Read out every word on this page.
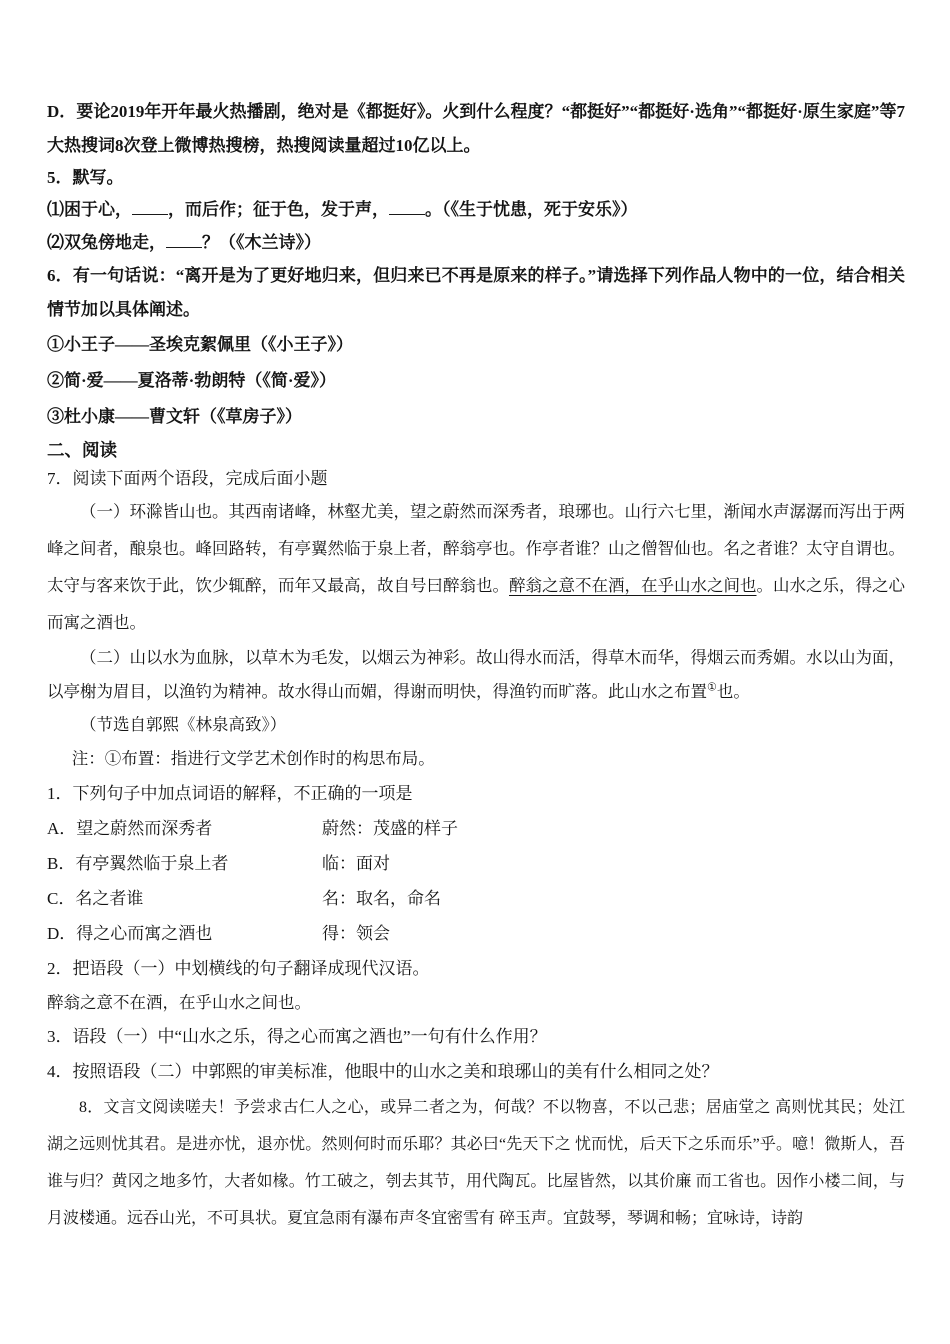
D．要论2019年开年最火热播剧，绝对是《都挺好》。火到什么程度？“都挺好”“都挺好·选角”“都挺好·原生家庭”等7大热搜词8次登上微博热搜榜，热搜阅读量超过10亿以上。

5．默写。

⑴困于心， ，而后作；征于色，发于声， 。（《生于忧患，死于安乐》）

⑵双兔傍地走， ？（《木兰诗》）

6．有一句话说：“离开是为了更好地归来，但归来已不再是原来的样子。”请选择下列作品人物中的一位，结合相关情节加以具体阐述。

①小王子——圣埃克絮佩里（《小王子》）

②简·爱——夏洛蒂·勃朗特（《简·爱》）

③杜小康——曹文轩（《草房子》）

二、阅读

7．阅读下面两个语段，完成后面小题

（一）环滁皆山也。其西南诸峰，林壑尤美，望之蔚然而深秀者，琅琊也。山行六七里，渐闻水声潺潺而泻出于两峰之间者，酿泉也。峰回路转，有亭翼然临于泉上者，醉翁亭也。作亭者谁？山之僧智仙也。名之者谁？太守自谓也。太守与客来饮于此，饮少辄醉，而年又最高，故自号曰醉翁也。醉翁之意不在酒，在乎山水之间也。山水之乐，得之心而寓之酒也。

（二）山以水为血脉，以草木为毛发，以烟云为神彩。故山得水而活，得草木而华，得烟云而秀媚。水以山为面，以亭榭为眉目，以渔钓为精神。故水得山而媚，得谢而明快，得渔钓而旷落。此山水之布置①也。

（节选自郭熙《林泉高致》）

注：①布置：指进行文学艺术创作时的构思布局。

1．下列句子中加点词语的解释，不正确的一项是

A．望之蔚然而深秀者	蔚然：茂盛的样子
B．有亭翼然临于泉上者	临：面对
C．名之者谁	名：取名，命名
D．得之心而寓之酒也	得：领会

2．把语段（一）中划横线的句子翻译成现代汉语。

醉翁之意不在酒，在乎山水之间也。

3．语段（一）中“山水之乐，得之心而寓之酒也”一句有什么作用？

4．按照语段（二）中郭熙的审美标准，他眼中的山水之美和琅琊山的美有什么相同之处？

8．文言文阅读嗟夫！予尝求古仁人之心，或异二者之为，何哉？不以物喜，不以己悲；居庙堂之 高则忧其民；处江湖之远则忧其君。是进亦忧，退亦忧。然则何时而乐耶？其必曰“先天下之 忧而忧，后天下之乐而乐”乎。噫！微斯人，吾谁与归？黄冈之地多竹，大者如椽。竹工破之，刳去其节，用代陶瓦。比屋皆然，以其价廉 而工省也。因作小楼二间，与月波楼通。远吞山光，不可具状。夏宜急雨有瀑布声冬宜密雪有 碎玉声。宜鼓琴，琴调和畅；宜咏诗，诗韵
